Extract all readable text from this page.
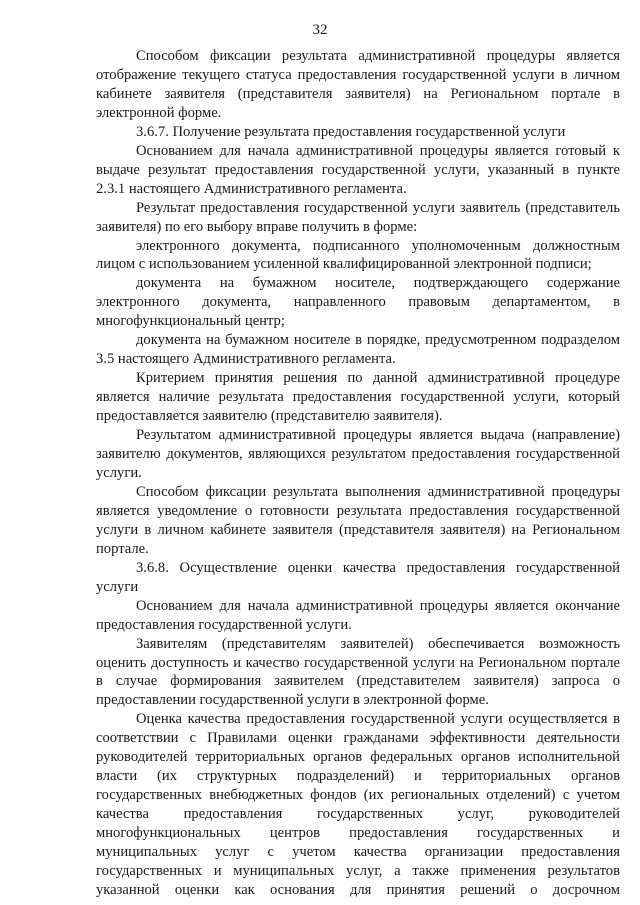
32

Способом фиксации результата административной процедуры является отображение текущего статуса предоставления государственной услуги в личном кабинете заявителя (представителя заявителя) на Региональном портале в электронной форме.

3.6.7. Получение результата предоставления государственной услуги

Основанием для начала административной процедуры является готовый к выдаче результат предоставления государственной услуги, указанный в пункте 2.3.1 настоящего Административного регламента.

Результат предоставления государственной услуги заявитель (представитель заявителя) по его выбору вправе получить в форме:

электронного документа, подписанного уполномоченным должностным лицом с использованием усиленной квалифицированной электронной подписи;

документа на бумажном носителе, подтверждающего содержание электронного документа, направленного правовым департаментом, в многофункциональный центр;

документа на бумажном носителе в порядке, предусмотренном подразделом 3.5 настоящего Административного регламента.

Критерием принятия решения по данной административной процедуре является наличие результата предоставления государственной услуги, который предоставляется заявителю (представителю заявителя).

Результатом административной процедуры является выдача (направление) заявителю документов, являющихся результатом предоставления государственной услуги.

Способом фиксации результата выполнения административной процедуры является уведомление о готовности результата предоставления государственной услуги в личном кабинете заявителя (представителя заявителя) на Региональном портале.

3.6.8. Осуществление оценки качества предоставления государственной услуги

Основанием для начала административной процедуры является окончание предоставления государственной услуги.

Заявителям (представителям заявителей) обеспечивается возможность оценить доступность и качество государственной услуги на Региональном портале в случае формирования заявителем (представителем заявителя) запроса о предоставлении государственной услуги в электронной форме.

Оценка качества предоставления государственной услуги осуществляется в соответствии с Правилами оценки гражданами эффективности деятельности руководителей территориальных органов федеральных органов исполнительной власти (их структурных подразделений) и территориальных органов государственных внебюджетных фондов (их региональных отделений) с учетом качества предоставления государственных услуг, руководителей многофункциональных центров предоставления государственных и муниципальных услуг с учетом качества организации предоставления государственных и муниципальных услуг, а также применения результатов указанной оценки как основания для принятия решений о досрочном
